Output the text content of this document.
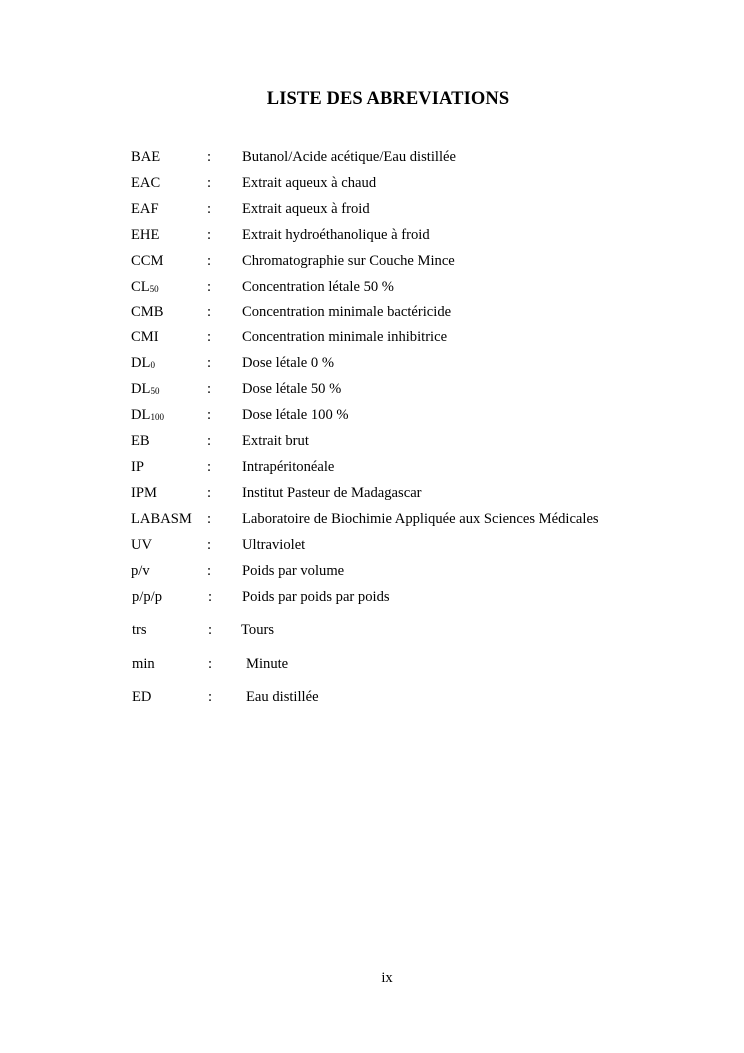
LISTE DES ABREVIATIONS
BAE	: Butanol/Acide acétique/Eau distillée
EAC	: Extrait aqueux à chaud
EAF	: Extrait aqueux à froid
EHE	: Extrait hydroéthanolique à froid
CCM	: Chromatographie sur Couche Mince
$CL_{50}$	: Concentration létale 50 %
CMB	: Concentration minimale bactéricide
CMI	: Concentration minimale inhibitrice
$DL_0$	: Dose létale 0 %
$DL_{50}$	: Dose létale 50 %
$DL_{100}$	: Dose létale 100 %
EB	: Extrait brut
IP	: Intrapéritonéale
IPM	: Institut Pasteur de Madagascar
LABASM : Laboratoire de Biochimie Appliquée aux Sciences Médicales
UV	: Ultraviolet
p/v	: Poids par volume
p/p/p	: Poids par poids par poids
trs	: Tours
min	: Minute
ED	: Eau distillée
ix
